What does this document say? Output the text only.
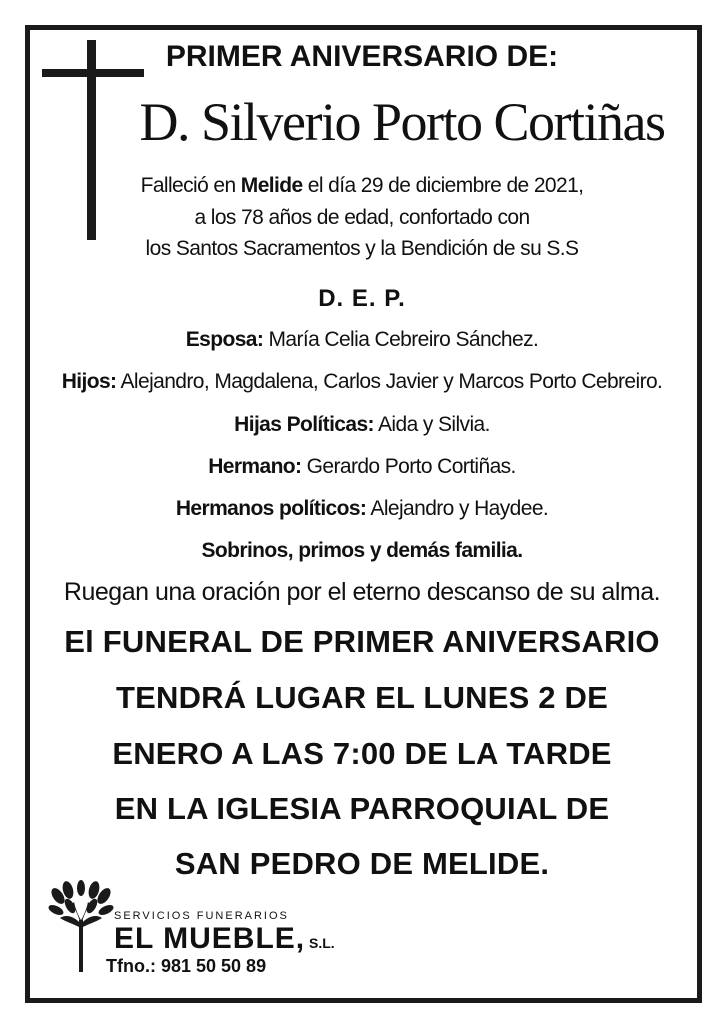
PRIMER ANIVERSARIO DE:
D. Silverio Porto Cortiñas
Falleció en Melide el día 29 de diciembre de 2021,
a los 78 años de edad, confortado con
los Santos Sacramentos y la Bendición de su S.S
D. E. P.
Esposa: María Celia Cebreiro Sánchez.
Hijos: Alejandro, Magdalena, Carlos Javier y Marcos Porto Cebreiro.
Hijas Políticas: Aida y Silvia.
Hermano: Gerardo Porto Cortiñas.
Hermanos políticos: Alejandro y Haydee.
Sobrinos, primos y demás familia.
Ruegan una oración por el eterno descanso de su alma.
El FUNERAL DE PRIMER ANIVERSARIO
TENDRÁ LUGAR EL LUNES 2 DE
ENERO A LAS 7:00 DE LA TARDE
EN LA IGLESIA PARROQUIAL DE
SAN PEDRO DE MELIDE.
SERVICIOS FUNERARIOS
EL MUEBLE, S.L.
Tfno.: 981 50 50 89
